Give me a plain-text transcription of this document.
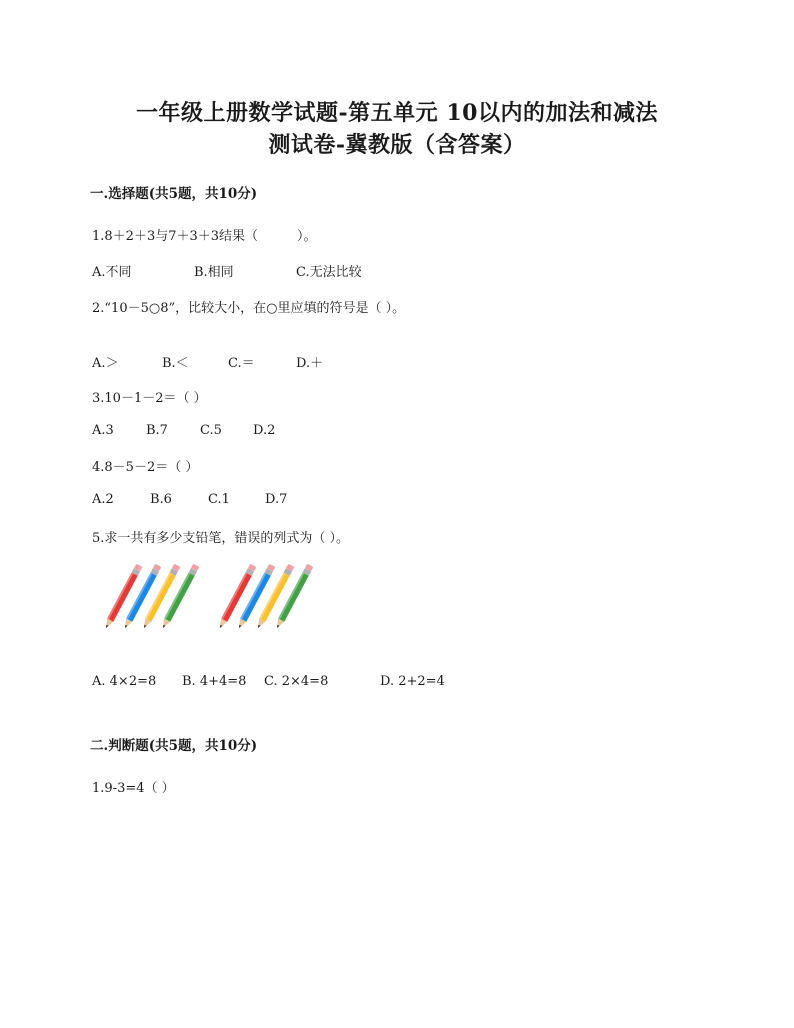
一年级上册数学试题-第五单元 10以内的加法和减法
测试卷-冀教版（含答案）
一.选择题(共5题，共10分)
1.8＋2＋3与7＋3＋3结果（　　　）。
A.不同	B.相同	C.无法比较
2.“10－5○8”，比较大小，在○里应填的符号是（ ）。
A.＞	B.＜	C.＝	D.＋
3.10－1－2＝（ ）
A.3 B.7 C.5 D.2
4.8－5－2＝（ ）
A.2	B.6	C.1	D.7
5.求一共有多少支铅笔，错误的列式为（ ）。
A. 4×2=8 B. 4+4=8 C. 2×4=8	D. 2+2=4
二.判断题(共5题，共10分)
1.9-3=4（ ）
